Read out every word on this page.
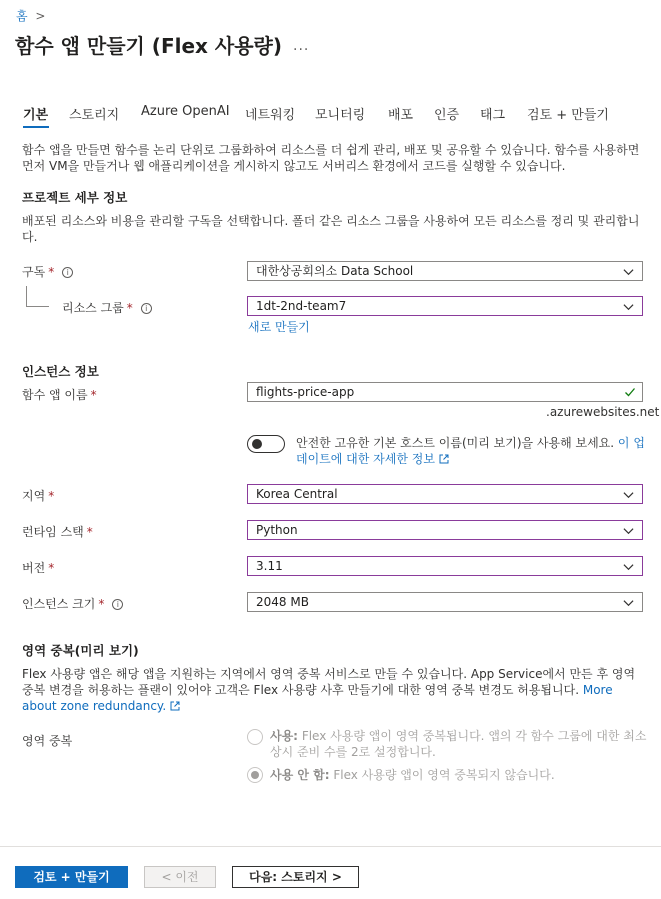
홈 >
함수 앱 만들기 (Flex 사용량) ...
기본 스토리지 Azure OpenAI 네트워킹 모니터링 배포 인증 태그 검토 + 만들기
함수 앱을 만들면 함수를 논리 단위로 그룹화하여 리소스를 더 쉽게 관리, 배포 및 공유할 수 있습니다. 함수를 사용하면 먼저 VM을 만들거나 웹 애플리케이션을 게시하지 않고도 서버리스 환경에서 코드를 실행할 수 있습니다.
프로젝트 세부 정보
배포된 리소스와 비용을 관리할 구독을 선택합니다. 폴더 같은 리소스 그룹을 사용하여 모든 리소스를 정리 및 관리합니다.
구독 * i	대한상공회의소 Data School
리소스 그룹 * i	1dt-2nd-team7
새로 만들기
인스턴스 정보
함수 앱 이름 *	flights-price-app
.azurewebsites.net
안전한 고유한 기본 호스트 이름(미리 보기)을 사용해 보세요. 이 업데이트에 대한 자세한 정보
지역 *	Korea Central
런타임 스택 *	Python
버전 *	3.11
인스턴스 크기 * i	2048 MB
영역 중복(미리 보기)
Flex 사용량 앱은 해당 앱을 지원하는 지역에서 영역 중복 서비스로 만들 수 있습니다. App Service에서 만든 후 영역 중복 변경을 허용하는 플랜이 있어야 고객은 Flex 사용량 사후 만들기에 대한 영역 중복 변경도 허용됩니다. More about zone redundancy.
영역 중복	사용: Flex 사용량 앱이 영역 중복됩니다. 앱의 각 함수 그룹에 대한 최소 상시 준비 수를 2로 설정합니다.
사용 안 함: Flex 사용량 앱이 영역 중복되지 않습니다.
검토 + 만들기	< 이전	다음: 스토리지 >
